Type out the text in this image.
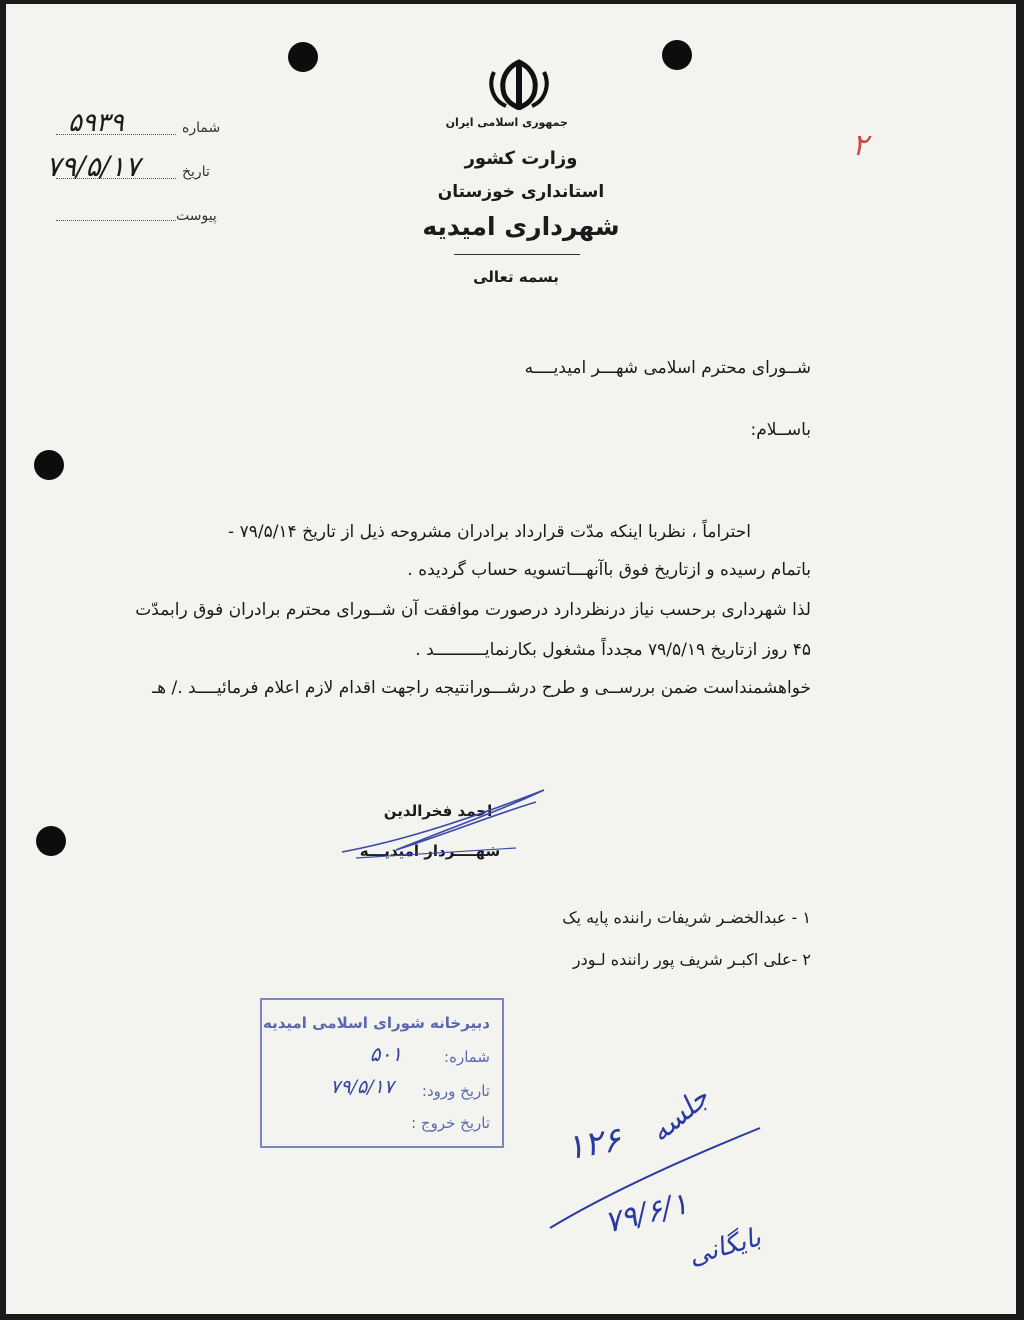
جمهوری اسلامی ایران
وزارت کشور
استانداری خوزستان
شهرداری امیدیه
بسمه تعالی
شماره
۵۹۳۹
تاریخ
۷۹/۵/۱۷
پیوست
۲
شــورای محترم اسلامی شهـــر امیدیــــه
باســلام:
احتراماً ، نظربا اینکه مدّت قرارداد برادران مشروحه ذیل از تاریخ ۷۹/۵/۱۴ -
باتمام رسیده و ازتاریخ فوق باآنهـــاتسویه حساب گردیده .
لذا شهرداری برحسب نیاز درنظردارد درصورت موافقت آن شــورای محترم برادران فوق رابمدّت
۴۵ روز ازتاریخ ۷۹/۵/۱۹ مجدداً مشغول بکارنمایــــــــــد .
خواهشمنداست ضمن بررســی و طرح درشـــورانتیجه راجهت اقدام لازم اعلام فرمائیــــد ./ هـ
احمد فخرالدین
شهــــردار امیدیـــه
۱ - عبدالخضـر شریفات راننده پایه یک
۲ -علی اکبـر شریف پور راننده لـودر
دبیرخانه شورای اسلامی امیدیه
شماره:
۵۰۱
تاریخ ورود:
۷۹/۵/۱۷
تاریخ خروج :	جلسه
۱۲۶
۷۹/۶/۱
بایگانی
